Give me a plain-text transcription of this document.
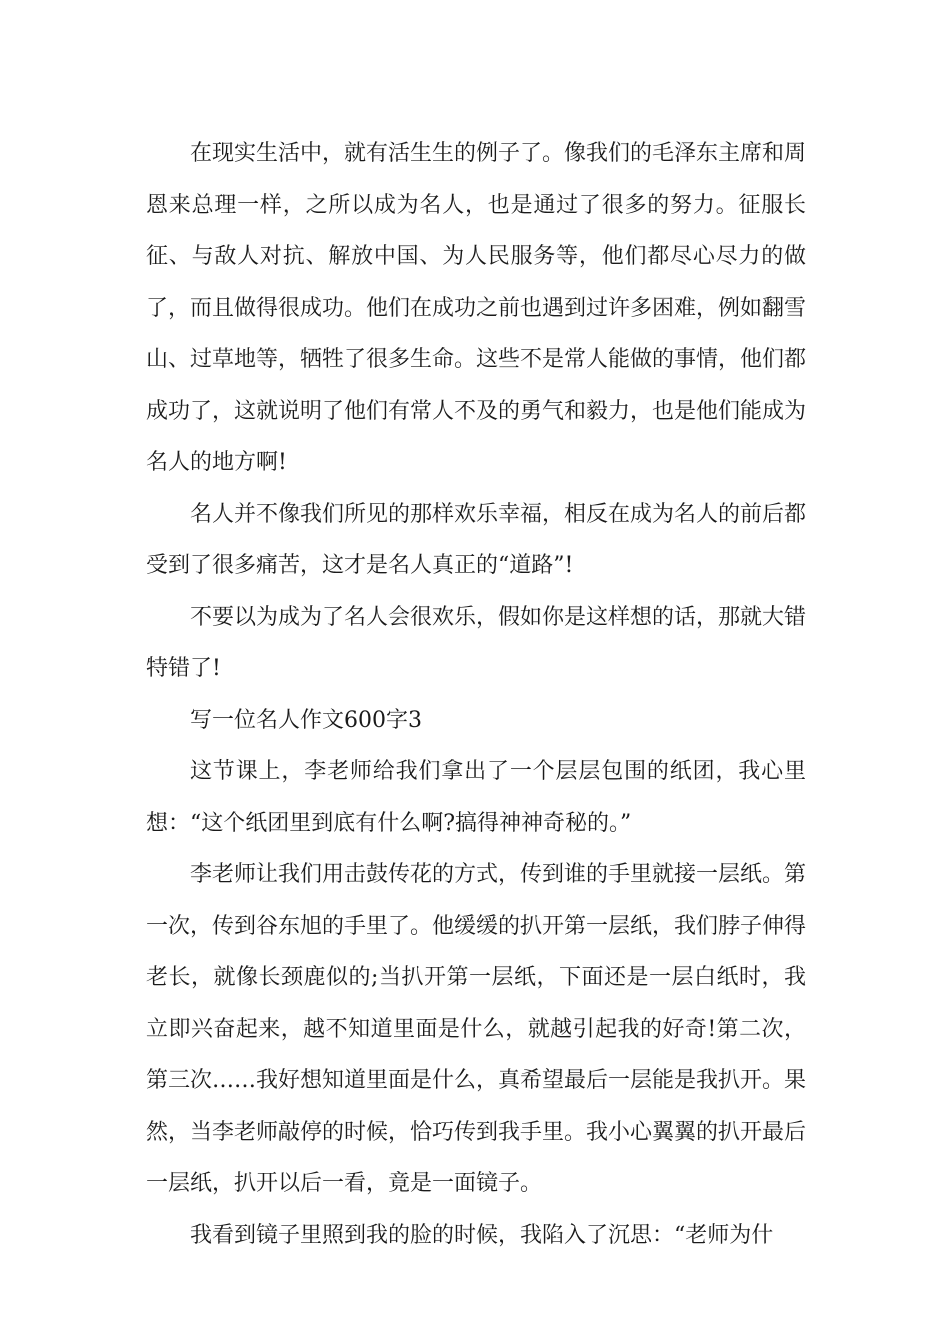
在现实生活中，就有活生生的例子了。像我们的毛泽东主席和周恩来总理一样，之所以成为名人，也是通过了很多的努力。征服长征、与敌人对抗、解放中国、为人民服务等，他们都尽心尽力的做了，而且做得很成功。他们在成功之前也遇到过许多困难，例如翻雪山、过草地等，牺牲了很多生命。这些不是常人能做的事情，他们都成功了，这就说明了他们有常人不及的勇气和毅力，也是他们能成为名人的地方啊!

名人并不像我们所见的那样欢乐幸福，相反在成为名人的前后都受到了很多痛苦，这才是名人真正的“道路”!

不要以为成为了名人会很欢乐，假如你是这样想的话，那就大错特错了!

写一位名人作文600字3

这节课上，李老师给我们拿出了一个层层包围的纸团，我心里想：“这个纸团里到底有什么啊?搞得神神奇秘的。”

李老师让我们用击鼓传花的方式，传到谁的手里就接一层纸。第一次，传到谷东旭的手里了。他缓缓的扒开第一层纸，我们脖子伸得老长，就像长颈鹿似的;当扒开第一层纸，下面还是一层白纸时，我立即兴奋起来，越不知道里面是什么，就越引起我的好奇!第二次，第三次……我好想知道里面是什么，真希望最后一层能是我扒开。果然，当李老师敲停的时候，恰巧传到我手里。我小心翼翼的扒开最后一层纸，扒开以后一看，竟是一面镜子。

我看到镜子里照到我的脸的时候，我陷入了沉思：“老师为什
